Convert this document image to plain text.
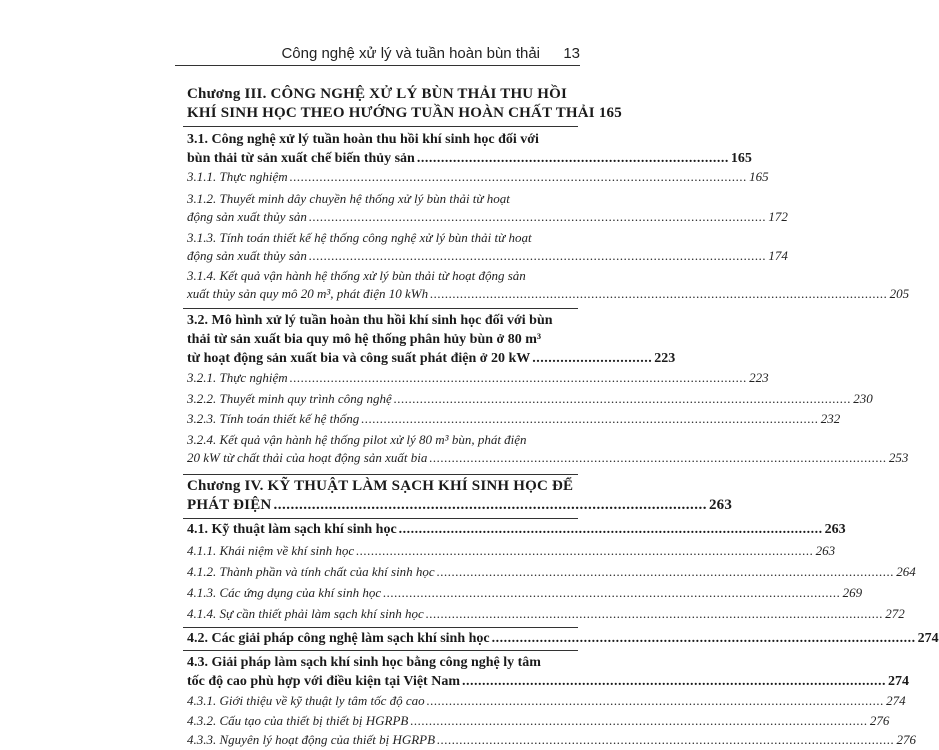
Công nghệ xử lý và tuần hoàn bùn thải 13
Chương III. CÔNG NGHỆ XỬ LÝ BÙN THẢI THU HỒI
KHÍ SINH HỌC THEO HƯỚNG TUẦN HOÀN CHẤT THẢI 165
3.1. Công nghệ xử lý tuần hoàn thu hồi khí sinh học đối với
bùn thải từ sản xuất chế biến thủy sản .............................................................................. 165
3.1.1. Thực nghiệm .......................................................................................................................... 165
3.1.2. Thuyết minh dây chuyền hệ thống xử lý bùn thải từ hoạt
động sản xuất thủy sản .......................................................................................................................... 172
3.1.3. Tính toán thiết kế hệ thống công nghệ xử lý bùn thải từ hoạt
động sản xuất thủy sản .......................................................................................................................... 174
3.1.4. Kết quả vận hành hệ thống xử lý bùn thải từ hoạt động sản
xuất thủy sản quy mô 20 m³, phát điện 10 kWh .......................................................................................................................... 205
3.2. Mô hình xử lý tuần hoàn thu hồi khí sinh học đối với bùn
thải từ sản xuất bia quy mô hệ thống phân hủy bùn ở 80 m³
từ hoạt động sản xuất bia và công suất phát điện ở 20 kW .............................. 223
3.2.1. Thực nghiệm .......................................................................................................................... 223
3.2.2. Thuyết minh quy trình công nghệ .......................................................................................................................... 230
3.2.3. Tính toán thiết kế hệ thống .......................................................................................................................... 232
3.2.4. Kết quả vận hành hệ thống pilot xử lý 80 m³ bùn, phát điện
20 kW từ chất thải của hoạt động sản xuất bia .......................................................................................................................... 253
Chương IV. KỸ THUẬT LÀM SẠCH KHÍ SINH HỌC ĐỂ
PHÁT ĐIỆN ...................................................................................................... 263
4.1. Kỹ thuật làm sạch khí sinh học .......................................................................................................... 263
4.1.1. Khái niệm về khí sinh học .......................................................................................................................... 263
4.1.2. Thành phần và tính chất của khí sinh học .......................................................................................................................... 264
4.1.3. Các ứng dụng của khí sinh học .......................................................................................................................... 269
4.1.4. Sự cần thiết phải làm sạch khí sinh học .......................................................................................................................... 272
4.2. Các giải pháp công nghệ làm sạch khí sinh học .......................................................................................................... 274
4.3. Giải pháp làm sạch khí sinh học bằng công nghệ ly tâm
tốc độ cao phù hợp với điều kiện tại Việt Nam .......................................................................................................... 274
4.3.1. Giới thiệu về kỹ thuật ly tâm tốc độ cao .......................................................................................................................... 274
4.3.2. Cấu tạo của thiết bị thiết bị HGRPB .......................................................................................................................... 276
4.3.3. Nguyên lý hoạt động của thiết bị HGRPB .......................................................................................................................... 276
